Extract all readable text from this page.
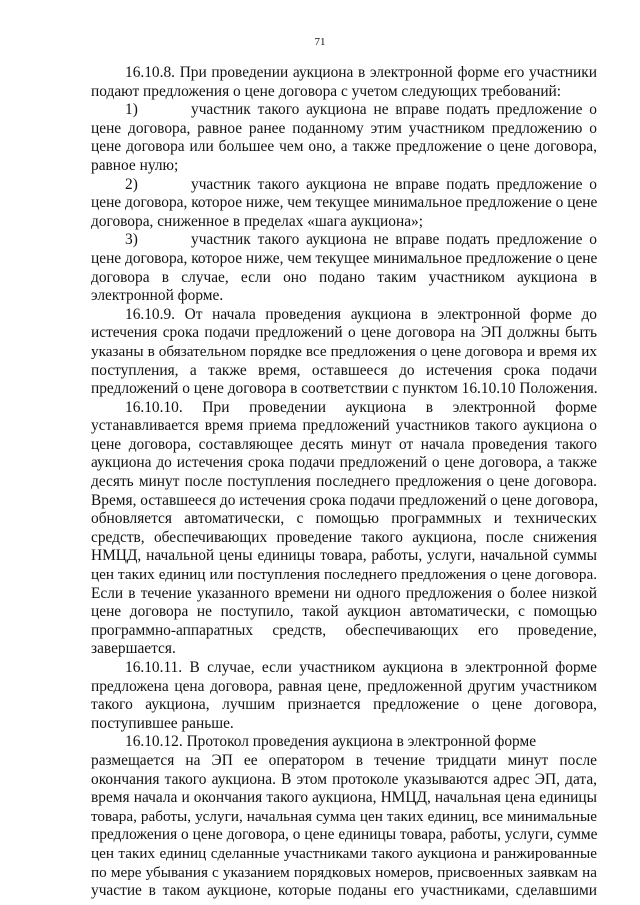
71
16.10.8. При проведении аукциона в электронной форме его участники
подают предложения о цене договора с учетом следующих требований:
1)	участник такого аукциона не вправе подать предложение о
цене договора, равное ранее поданному этим участником предложению о
цене договора или большее чем оно, а также предложение о цене договора,
равное нулю;
2)	участник такого аукциона не вправе подать предложение о
цене договора, которое ниже, чем текущее минимальное предложение о цене
договора, сниженное в пределах «шага аукциона»;
3)	участник такого аукциона не вправе подать предложение о
цене договора, которое ниже, чем текущее минимальное предложение о цене
договора в случае, если оно подано таким участником аукциона в
электронной форме.
16.10.9. От начала проведения аукциона в электронной форме до
истечения срока подачи предложений о цене договора на ЭП должны быть
указаны в обязательном порядке все предложения о цене договора и время их
поступления, а также время, оставшееся до истечения срока подачи
предложений о цене договора в соответствии с пунктом 16.10.10 Положения.
16.10.10. При проведении аукциона в электронной форме
устанавливается время приема предложений участников такого аукциона о
цене договора, составляющее десять минут от начала проведения такого
аукциона до истечения срока подачи предложений о цене договора, а также
десять минут после поступления последнего предложения о цене договора.
Время, оставшееся до истечения срока подачи предложений о цене договора,
обновляется автоматически, с помощью программных и технических
средств, обеспечивающих проведение такого аукциона, после снижения
НМЦД, начальной цены единицы товара, работы, услуги, начальной суммы
цен таких единиц или поступления последнего предложения о цене договора.
Если в течение указанного времени ни одного предложения о более низкой
цене договора не поступило, такой аукцион автоматически, с помощью
программно-аппаратных средств, обеспечивающих его проведение,
завершается.
16.10.11. В случае, если участником аукциона в электронной форме
предложена цена договора, равная цене, предложенной другим участником
такого аукциона, лучшим признается предложение о цене договора,
поступившее раньше.
16.10.12. Протокол проведения аукциона в электронной форме
размещается на ЭП ее оператором в течение тридцати минут после
окончания такого аукциона. В этом протоколе указываются адрес ЭП, дата,
время начала и окончания такого аукциона, НМЦД, начальная цена единицы
товара, работы, услуги, начальная сумма цен таких единиц, все минимальные
предложения о цене договора, о цене единицы товара, работы, услуги, сумме
цен таких единиц сделанные участниками такого аукциона и ранжированные
по мере убывания с указанием порядковых номеров, присвоенных заявкам на
участие в таком аукционе, которые поданы его участниками, сделавшими
